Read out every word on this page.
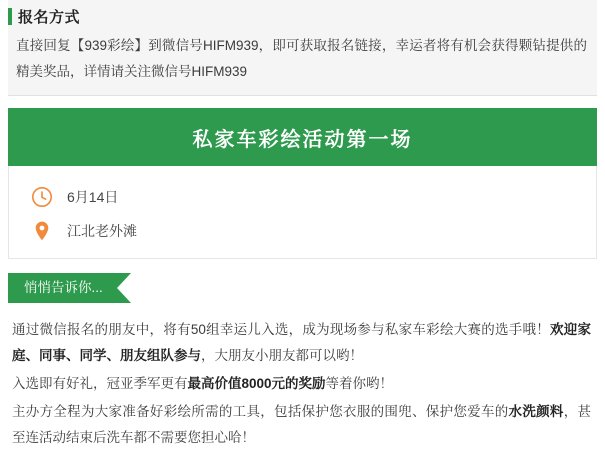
报名方式
直接回复【939彩绘】到微信号HIFM939，即可获取报名链接，幸运者将有机会获得颗钻提供的精美奖品，详情请关注微信号HIFM939
私家车彩绘活动第一场
6月14日
江北老外滩
悄悄告诉你...

通过微信报名的朋友中，将有50组幸运儿入选，成为现场参与私家车彩绘大赛的选手哦！欢迎家庭、同事、同学、朋友组队参与，大朋友小朋友都可以哟！

入选即有好礼，冠亚季军更有最高价值8000元的奖励等着你哟！

主办方全程为大家准备好彩绘所需的工具，包括保护您衣服的围兜、保护您爱车的水洗颜料，甚至连活动结束后洗车都不需要您担心哈！
